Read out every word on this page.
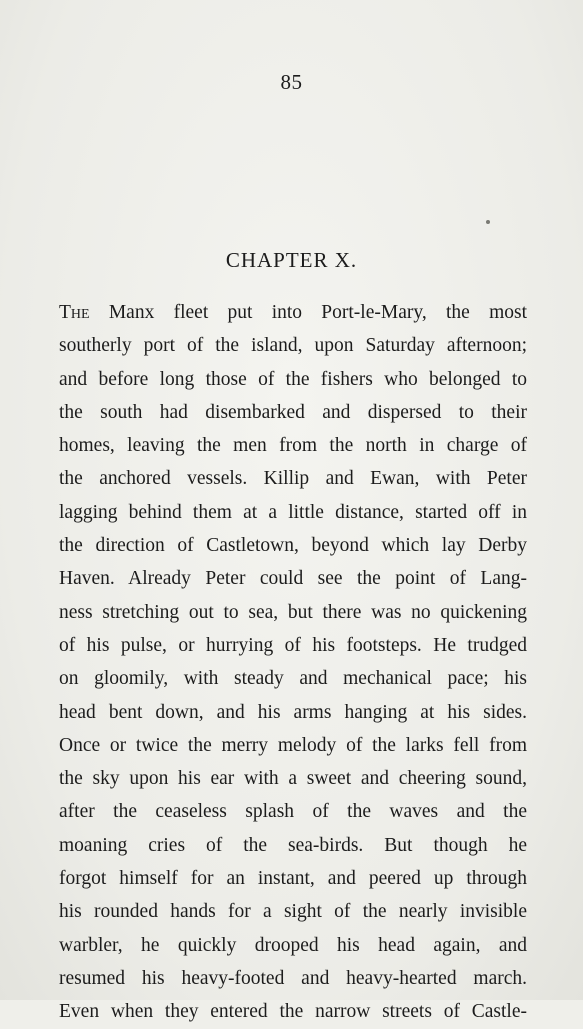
85
CHAPTER X.
The Manx fleet put into Port-le-Mary, the most
southerly port of the island, upon Saturday afternoon;
and before long those of the fishers who belonged to
the south had disembarked and dispersed to their
homes, leaving the men from the north in charge of
the anchored vessels. Killip and Ewan, with Peter
lagging behind them at a little distance, started off in
the direction of Castletown, beyond which lay Derby
Haven. Already Peter could see the point of Lang-
ness stretching out to sea, but there was no quickening
of his pulse, or hurrying of his footsteps. He trudged
on gloomily, with steady and mechanical pace; his
head bent down, and his arms hanging at his sides.
Once or twice the merry melody of the larks fell from
the sky upon his ear with a sweet and cheering sound,
after the ceaseless splash of the waves and the
moaning cries of the sea-birds. But though he
forgot himself for an instant, and peered up through
his rounded hands for a sight of the nearly invisible
warbler, he quickly drooped his head again, and
resumed his heavy-footed and heavy-hearted march.
Even when they entered the narrow streets of Castle-
